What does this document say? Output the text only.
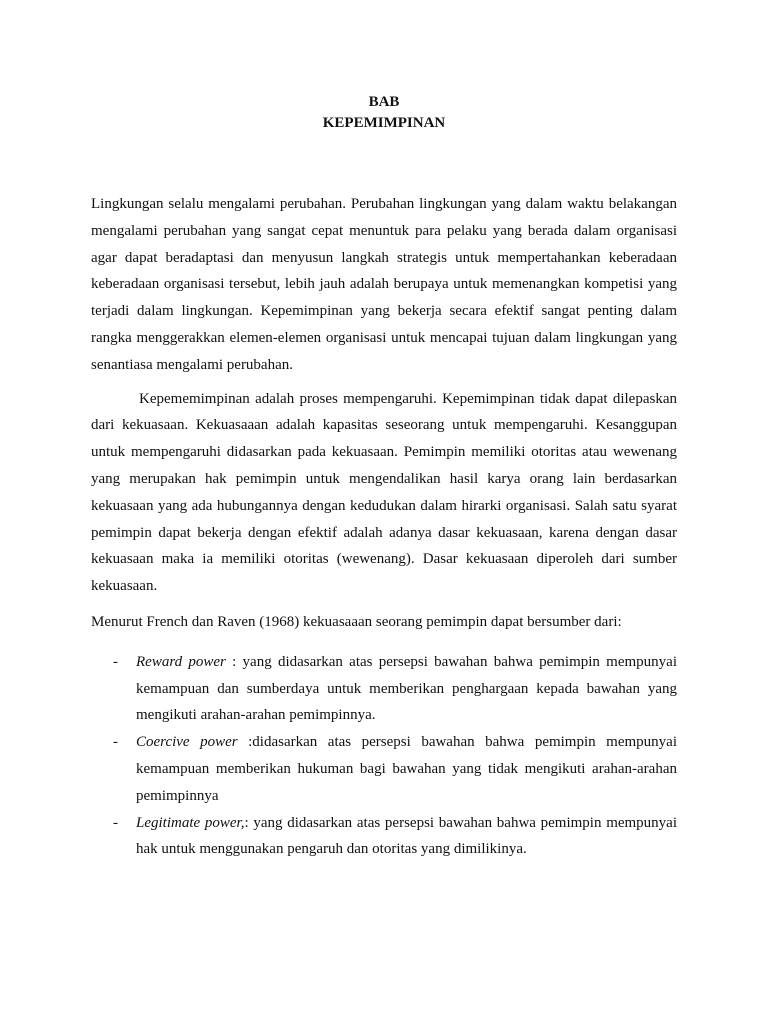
BAB
KEPEMIMPINAN

Lingkungan selalu mengalami perubahan. Perubahan lingkungan yang dalam waktu belakangan mengalami perubahan yang sangat cepat menuntuk para pelaku yang berada dalam organisasi agar dapat beradaptasi dan menyusun langkah strategis untuk mempertahankan keberadaan keberadaan organisasi tersebut, lebih jauh adalah berupaya untuk memenangkan kompetisi yang terjadi dalam lingkungan. Kepemimpinan yang bekerja secara efektif sangat penting dalam rangka menggerakkan elemen-elemen organisasi untuk mencapai tujuan dalam lingkungan yang senantiasa mengalami perubahan.

Kepememimpinan adalah proses mempengaruhi. Kepemimpinan tidak dapat dilepaskan dari kekuasaan. Kekuasaaan adalah kapasitas seseorang untuk mempengaruhi. Kesanggupan untuk mempengaruhi didasarkan pada kekuasaan. Pemimpin memiliki otoritas atau wewenang yang merupakan hak pemimpin untuk mengendalikan hasil karya orang lain berdasarkan kekuasaan yang ada hubungannya dengan kedudukan dalam hirarki organisasi. Salah satu syarat pemimpin dapat bekerja dengan efektif adalah adanya dasar kekuasaan, karena dengan dasar kekuasaan maka ia memiliki otoritas (wewenang). Dasar kekuasaan diperoleh dari sumber kekuasaan.

Menurut French dan Raven (1968) kekuasaaan seorang pemimpin dapat bersumber dari:

- Reward power : yang didasarkan atas persepsi bawahan bahwa pemimpin mempunyai kemampuan dan sumberdaya untuk memberikan penghargaan kepada bawahan yang mengikuti arahan-arahan pemimpinnya.
- Coercive power :didasarkan atas persepsi bawahan bahwa pemimpin mempunyai kemampuan memberikan hukuman bagi bawahan yang tidak mengikuti arahan-arahan pemimpinnya
- Legitimate power,: yang didasarkan atas persepsi bawahan bahwa pemimpin mempunyai hak untuk menggunakan pengaruh dan otoritas yang dimilikinya.
